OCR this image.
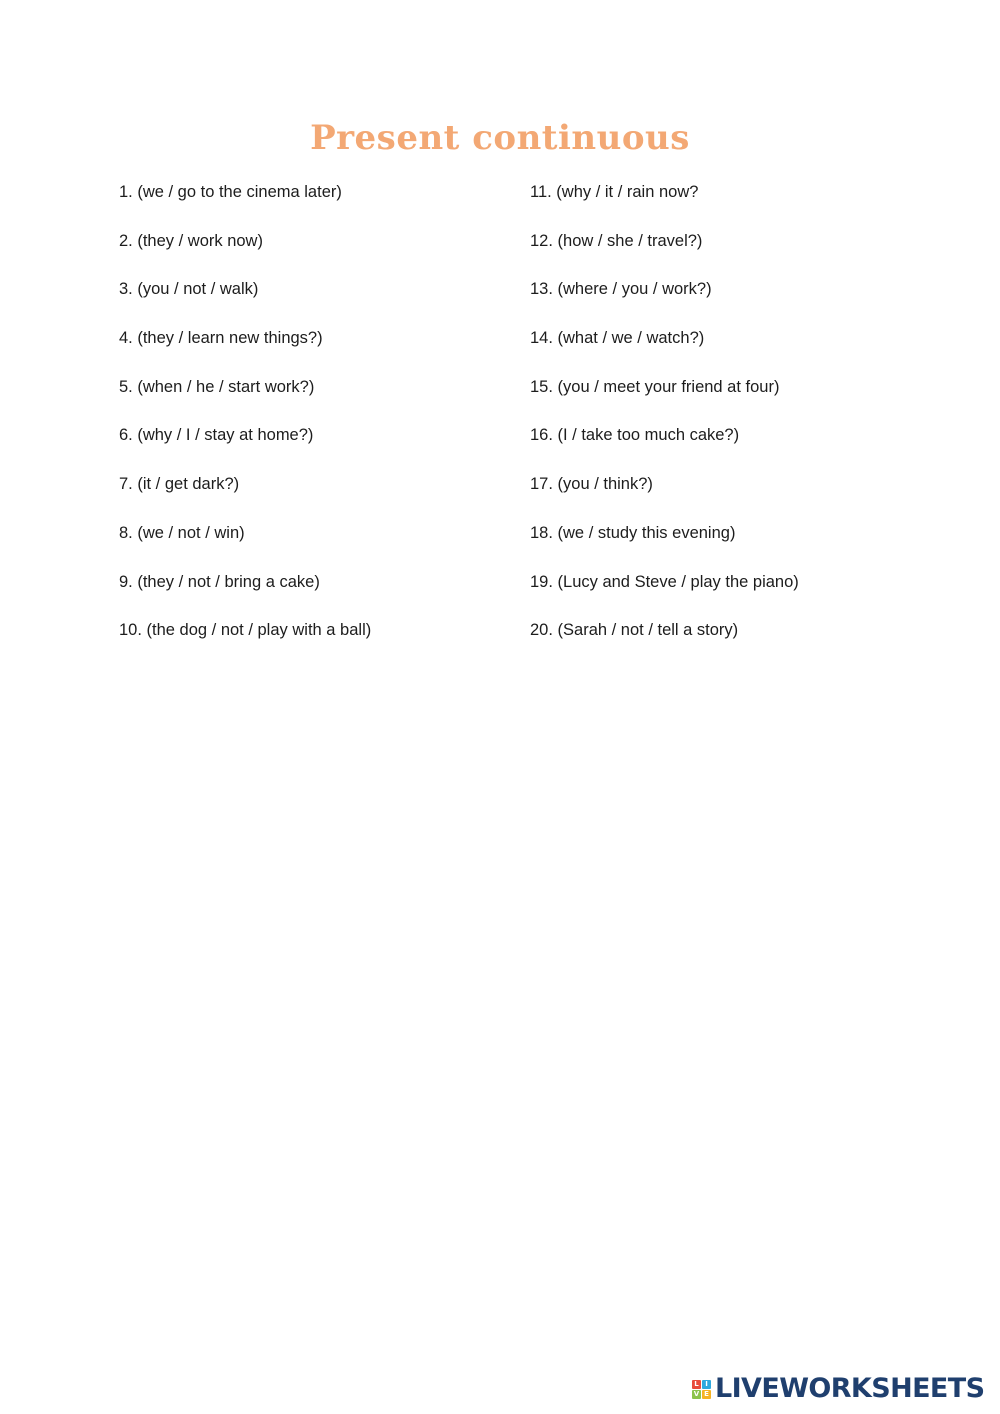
Present continuous
1. (we / go to the cinema later)
2. (they / work now)
3. (you / not / walk)
4. (they / learn new things?)
5. (when / he / start work?)
6. (why / I / stay at home?)
7. (it / get dark?)
8. (we / not / win)
9. (they / not / bring a cake)
10. (the dog / not / play with a ball)
11. (why / it / rain now?
12. (how / she / travel?)
13. (where / you / work?)
14. (what / we / watch?)
15. (you / meet your friend at four)
16. (I / take too much cake?)
17. (you / think?)
18. (we / study this evening)
19. (Lucy and Steve / play the piano)
20. (Sarah / not / tell a story)
L I
V E LIVEWORKSHEETS
